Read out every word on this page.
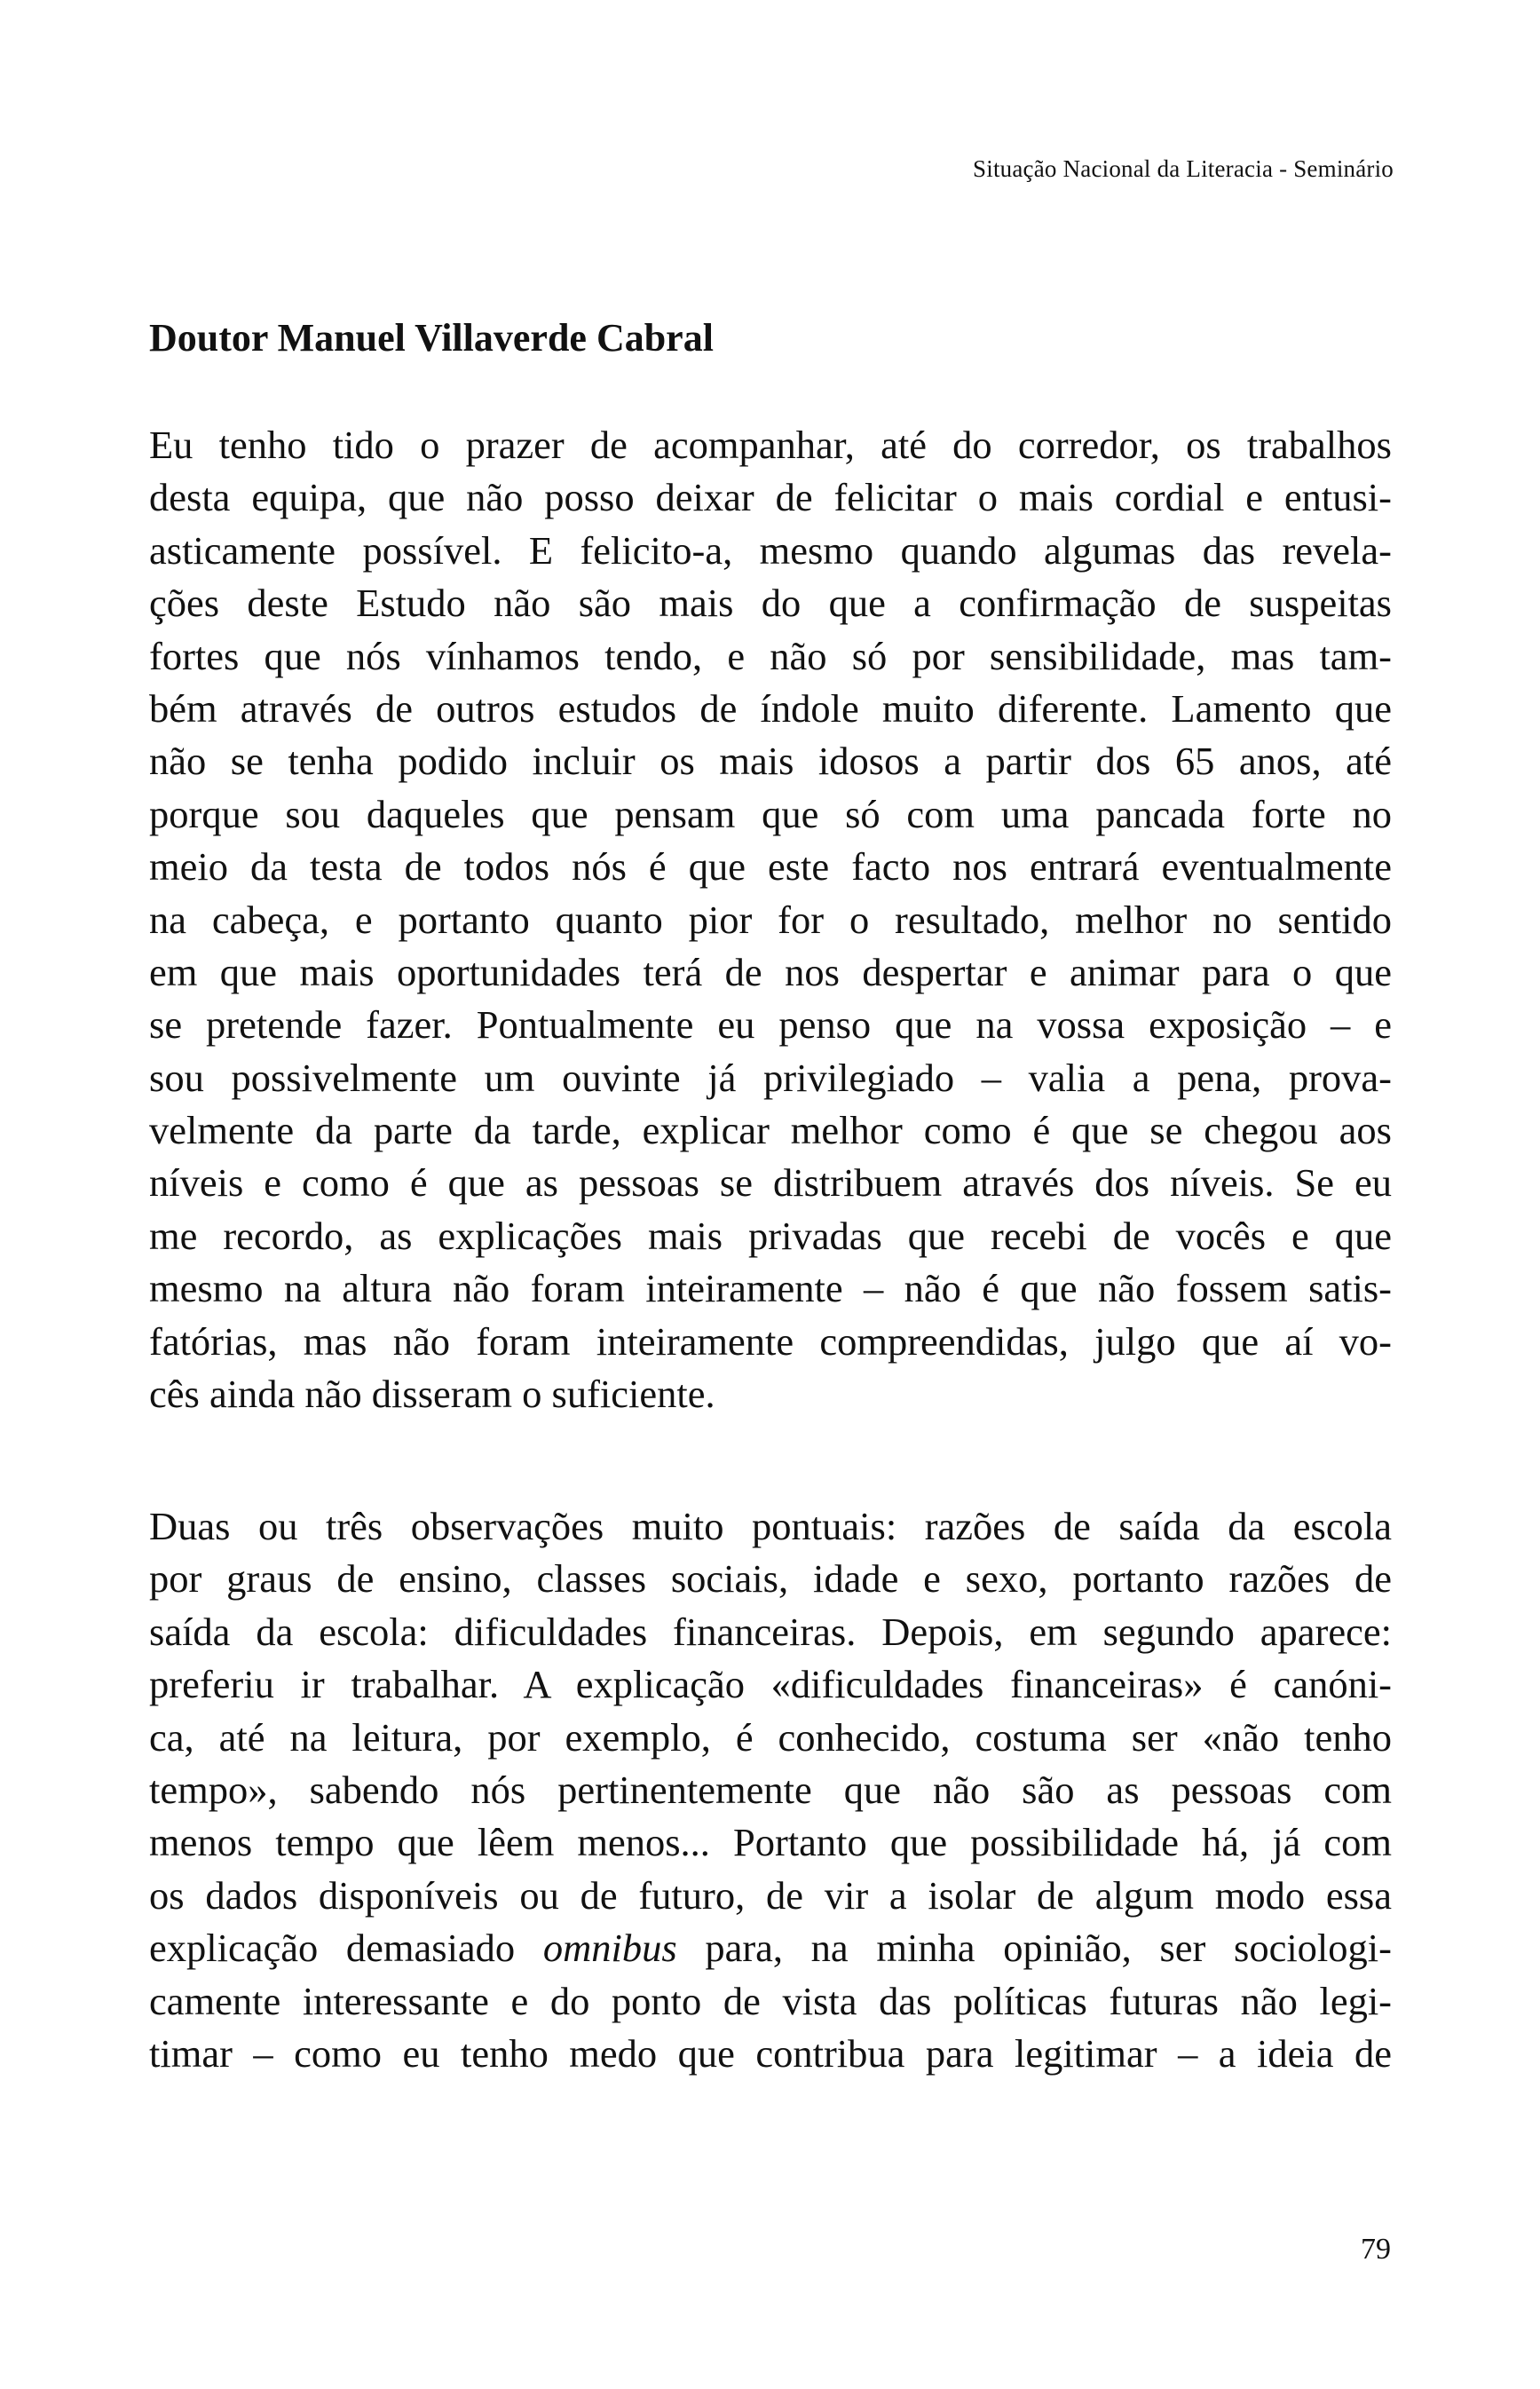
Situação Nacional da Literacia - Seminário
Doutor Manuel Villaverde Cabral
Eu tenho tido o prazer de acompanhar, até do corredor, os trabalhos
desta equipa, que não posso deixar de felicitar o mais cordial e entusi-
asticamente possível. E felicito-a, mesmo quando algumas das revela-
ções deste Estudo não são mais do que a confirmação de suspeitas
fortes que nós vínhamos tendo, e não só por sensibilidade, mas tam-
bém através de outros estudos de índole muito diferente. Lamento que
não se tenha podido incluir os mais idosos a partir dos 65 anos, até
porque sou daqueles que pensam que só com uma pancada forte no
meio da testa de todos nós é que este facto nos entrará eventualmente
na cabeça, e portanto quanto pior for o resultado, melhor no sentido
em que mais oportunidades terá de nos despertar e animar para o que
se pretende fazer. Pontualmente eu penso que na vossa exposição – e
sou possivelmente um ouvinte já privilegiado – valia a pena, prova-
velmente da parte da tarde, explicar melhor como é que se chegou aos
níveis e como é que as pessoas se distribuem através dos níveis. Se eu
me recordo, as explicações mais privadas que recebi de vocês e que
mesmo na altura não foram inteiramente – não é que não fossem satis-
fatórias, mas não foram inteiramente compreendidas, julgo que aí vo-
cês ainda não disseram o suficiente.
Duas ou três observações muito pontuais: razões de saída da escola
por graus de ensino, classes sociais, idade e sexo, portanto razões de
saída da escola: dificuldades financeiras. Depois, em segundo aparece:
preferiu ir trabalhar. A explicação «dificuldades financeiras» é canóni-
ca, até na leitura, por exemplo, é conhecido, costuma ser «não tenho
tempo», sabendo nós pertinentemente que não são as pessoas com
menos tempo que lêem menos... Portanto que possibilidade há, já com
os dados disponíveis ou de futuro, de vir a isolar de algum modo essa
explicação demasiado omnibus para, na minha opinião, ser sociologi-
camente interessante e do ponto de vista das políticas futuras não legi-
timar – como eu tenho medo que contribua para legitimar – a ideia de
79
